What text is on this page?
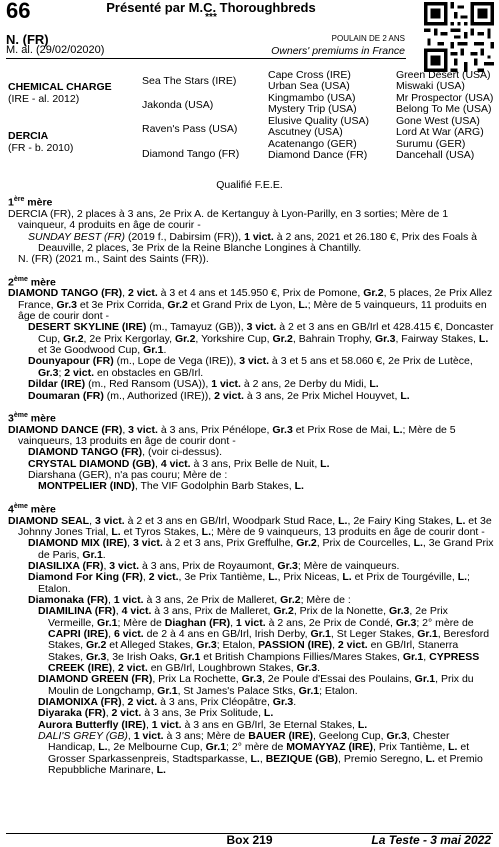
66	Présenté par M.C. Thoroughbreds
***
N. (FR)
M. al. (29/02/02020)
POULAIN DE 2 ANS
Owners' premiums in France
CHEMICAL CHARGE
(IRE - al. 2012)
DERCIA
(FR - b. 2010)
Sea The Stars (IRE)
Jakonda (USA)
Raven's Pass (USA)
Diamond Tango (FR)
Cape Cross (IRE)
Urban Sea (USA)
Kingmambo (USA)
Mystery Trip (USA)
Elusive Quality (USA)
Ascutney (USA)
Acatenango (GER)
Diamond Dance (FR)
Green Desert (USA)
Miswaki (USA)
Mr Prospector (USA)
Belong To Me (USA)
Gone West (USA)
Lord At War (ARG)
Surumu (GER)
Dancehall (USA)
Qualifié F.E.E.
1ère mère
DERCIA (FR), 2 places à 3 ans, 2e Prix A. de Kertanguy à Lyon-Parilly, en 3 sorties; Mère de 1 vainqueur, 4 produits en âge de courir -
SUNDAY BEST (FR) (2019 f., Dabirsim (FR)), 1 vict. à 2 ans, 2021 et 26.180 €, Prix des Foals à Deauville, 2 places, 3e Prix de la Reine Blanche Longines à Chantilly.
N. (FR) (2021 m., Saint des Saints (FR)).
2ème mère
DIAMOND TANGO (FR), 2 vict. à 3 et 4 ans et 145.950 €, Prix de Pomone, Gr.2, 5 places, 2e Prix Allez France, Gr.3 et 3e Prix Corrida, Gr.2 et Grand Prix de Lyon, L.; Mère de 5 vainqueurs, 11 produits en âge de courir dont -
DESERT SKYLINE (IRE) (m., Tamayuz (GB)), 3 vict. à 2 et 3 ans en GB/Irl et 428.415 €, Doncaster Cup, Gr.2, 2e Prix Kergorlay, Gr.2, Yorkshire Cup, Gr.2, Bahrain Trophy, Gr.3, Fairway Stakes, L. et 3e Goodwood Cup, Gr.1.
Dounyapour (FR) (m., Lope de Vega (IRE)), 3 vict. à 3 et 5 ans et 58.060 €, 2e Prix de Lutèce, Gr.3; 2 vict. en obstacles en GB/Irl.
Dildar (IRE) (m., Red Ransom (USA)), 1 vict. à 2 ans, 2e Derby du Midi, L.
Doumaran (FR) (m., Authorized (IRE)), 2 vict. à 3 ans, 2e Prix Michel Houyvet, L.
3ème mère
DIAMOND DANCE (FR), 3 vict. à 3 ans, Prix Pénélope, Gr.3 et Prix Rose de Mai, L.; Mère de 5 vainqueurs, 13 produits en âge de courir dont -
DIAMOND TANGO (FR), (voir ci-dessus).
CRYSTAL DIAMOND (GB), 4 vict. à 3 ans, Prix Belle de Nuit, L.
Diarshana (GER), n'a pas couru; Mère de :
MONTPELIER (IND), The VIF Godolphin Barb Stakes, L.
4ème mère
DIAMOND SEAL, 3 vict. à 2 et 3 ans en GB/Irl, Woodpark Stud Race, L., 2e Fairy King Stakes, L. et 3e Johnny Jones Trial, L. et Tyros Stakes, L.; Mère de 9 vainqueurs, 13 produits en âge de courir dont -
DIAMOND MIX (IRE), 3 vict. à 2 et 3 ans, Prix Greffulhe, Gr.2, Prix de Courcelles, L., 3e Grand Prix de Paris, Gr.1.
DIASILIXA (FR), 3 vict. à 3 ans, Prix de Royaumont, Gr.3; Mère de vainqueurs.
Diamond For King (FR), 2 vict., 3e Prix Tantième, L., Prix Niceas, L. et Prix de Tourgéville, L.; Etalon.
Diamonaka (FR), 1 vict. à 3 ans, 2e Prix de Malleret, Gr.2; Mère de :
DIAMILINA (FR), 4 vict. à 3 ans, Prix de Malleret, Gr.2, Prix de la Nonette, Gr.3, 2e Prix Vermeille, Gr.1; Mère de Diaghan (FR), 1 vict. à 2 ans, 2e Prix de Condé, Gr.3; 2° mère de CAPRI (IRE), 6 vict. de 2 à 4 ans en GB/Irl, Irish Derby, Gr.1, St Leger Stakes, Gr.1, Beresford Stakes, Gr.2 et Alleged Stakes, Gr.3; Etalon, PASSION (IRE), 2 vict. en GB/Irl, Stanerra Stakes, Gr.3, 3e Irish Oaks, Gr.1 et British Champions Fillies/Mares Stakes, Gr.1, CYPRESS CREEK (IRE), 2 vict. en GB/Irl, Loughbrown Stakes, Gr.3.
DIAMOND GREEN (FR), Prix La Rochette, Gr.3, 2e Poule d'Essai des Poulains, Gr.1, Prix du Moulin de Longchamp, Gr.1, St James's Palace Stks, Gr.1; Etalon.
DIAMONIXA (FR), 2 vict. à 3 ans, Prix Cléopâtre, Gr.3.
Diyaraka (FR), 2 vict. à 3 ans, 3e Prix Solitude, L.
Aurora Butterfly (IRE), 1 vict. à 3 ans en GB/Irl, 3e Eternal Stakes, L.
DALI'S GREY (GB), 1 vict. à 3 ans; Mère de BAUER (IRE), Geelong Cup, Gr.3, Chester Handicap, L., 2e Melbourne Cup, Gr.1; 2° mère de MOMAYYAZ (IRE), Prix Tantième, L. et Grosser Sparkassenpreis, Stadtsparkasse, L., BEZIQUE (GB), Premio Seregno, L. et Premio Repubbliche Marinare, L.
Box 219	La Teste - 3 mai 2022
